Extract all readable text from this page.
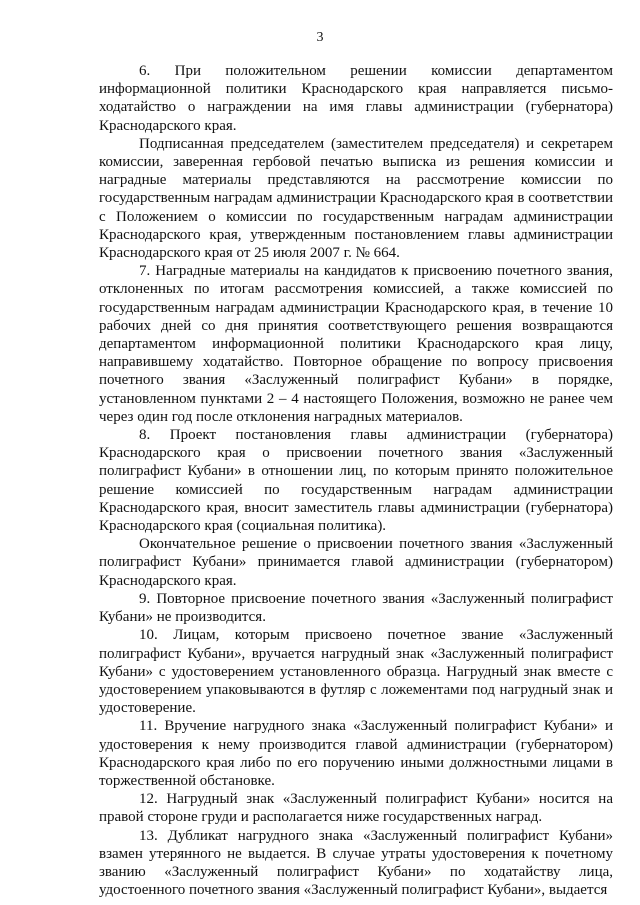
3

6. При положительном решении комиссии департаментом информационной политики Краснодарского края направляется письмо-ходатайство о награждении на имя главы администрации (губернатора) Краснодарского края.

Подписанная председателем (заместителем председателя) и секретарем комиссии, заверенная гербовой печатью выписка из решения комиссии и наградные материалы представляются на рассмотрение комиссии по государственным наградам администрации Краснодарского края в соответствии с Положением о комиссии по государственным наградам администрации Краснодарского края, утвержденным постановлением главы администрации Краснодарского края от 25 июля 2007 г. № 664.

7. Наградные материалы на кандидатов к присвоению почетного звания, отклоненных по итогам рассмотрения комиссией, а также комиссией по государственным наградам администрации Краснодарского края, в течение 10 рабочих дней со дня принятия соответствующего решения возвращаются департаментом информационной политики Краснодарского края лицу, направившему ходатайство. Повторное обращение по вопросу присвоения почетного звания «Заслуженный полиграфист Кубани» в порядке, установленном пунктами 2 – 4 настоящего Положения, возможно не ранее чем через один год после отклонения наградных материалов.

8. Проект постановления главы администрации (губернатора) Краснодарского края о присвоении почетного звания «Заслуженный полиграфист Кубани» в отношении лиц, по которым принято положительное решение комиссией по государственным наградам администрации Краснодарского края, вносит заместитель главы администрации (губернатора) Краснодарского края (социальная политика).

Окончательное решение о присвоении почетного звания «Заслуженный полиграфист Кубани» принимается главой администрации (губернатором) Краснодарского края.

9. Повторное присвоение почетного звания «Заслуженный полиграфист Кубани» не производится.

10. Лицам, которым присвоено почетное звание «Заслуженный полиграфист Кубани», вручается нагрудный знак «Заслуженный полиграфист Кубани» с удостоверением установленного образца. Нагрудный знак вместе с удостоверением упаковываются в футляр с ложементами под нагрудный знак и удостоверение.

11. Вручение нагрудного знака «Заслуженный полиграфист Кубани» и удостоверения к нему производится главой администрации (губернатором) Краснодарского края либо по его поручению иными должностными лицами в торжественной обстановке.

12. Нагрудный знак «Заслуженный полиграфист Кубани» носится на правой стороне груди и располагается ниже государственных наград.

13. Дубликат нагрудного знака «Заслуженный полиграфист Кубани» взамен утерянного не выдается. В случае утраты удостоверения к почетному званию «Заслуженный полиграфист Кубани» по ходатайству лица, удостоенного почетного звания «Заслуженный полиграфист Кубани», выдается
